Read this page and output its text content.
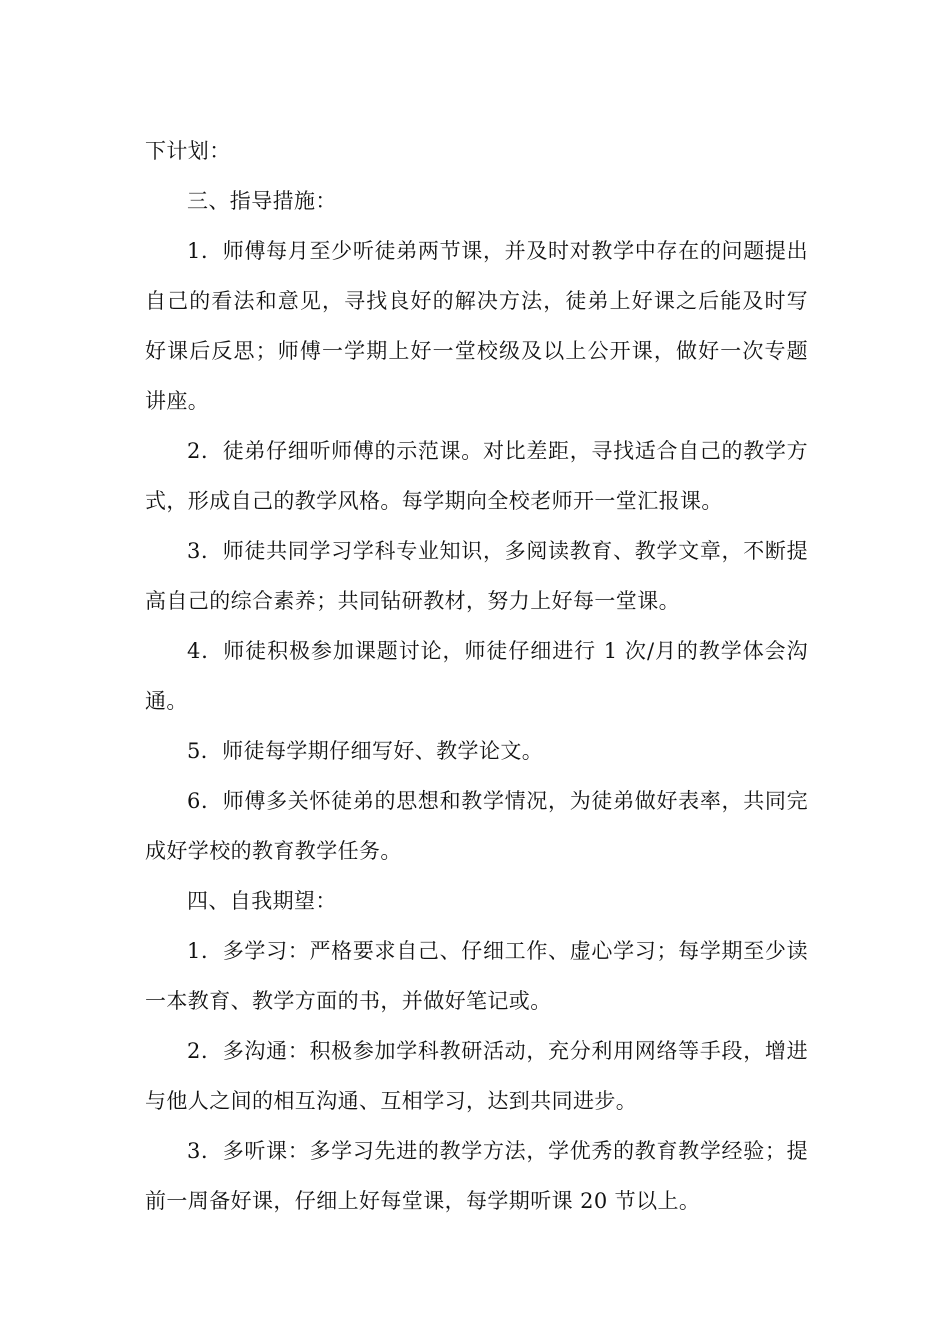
下计划：

三、指导措施：

1．师傅每月至少听徒弟两节课，并及时对教学中存在的问题提出自己的看法和意见，寻找良好的解决方法，徒弟上好课之后能及时写好课后反思；师傅一学期上好一堂校级及以上公开课，做好一次专题讲座。

2．徒弟仔细听师傅的示范课。对比差距，寻找适合自己的教学方式，形成自己的教学风格。每学期向全校老师开一堂汇报课。

3．师徒共同学习学科专业知识，多阅读教育、教学文章，不断提高自己的综合素养；共同钻研教材，努力上好每一堂课。

4．师徒积极参加课题讨论，师徒仔细进行 1 次/月的教学体会沟通。

5．师徒每学期仔细写好、教学论文。

6．师傅多关怀徒弟的思想和教学情况，为徒弟做好表率，共同完成好学校的教育教学任务。

四、自我期望：

1．多学习：严格要求自己、仔细工作、虚心学习；每学期至少读一本教育、教学方面的书，并做好笔记或。

2．多沟通：积极参加学科教研活动，充分利用网络等手段，增进与他人之间的相互沟通、互相学习，达到共同进步。

3．多听课：多学习先进的教学方法，学优秀的教育教学经验；提前一周备好课，仔细上好每堂课，每学期听课 20 节以上。
